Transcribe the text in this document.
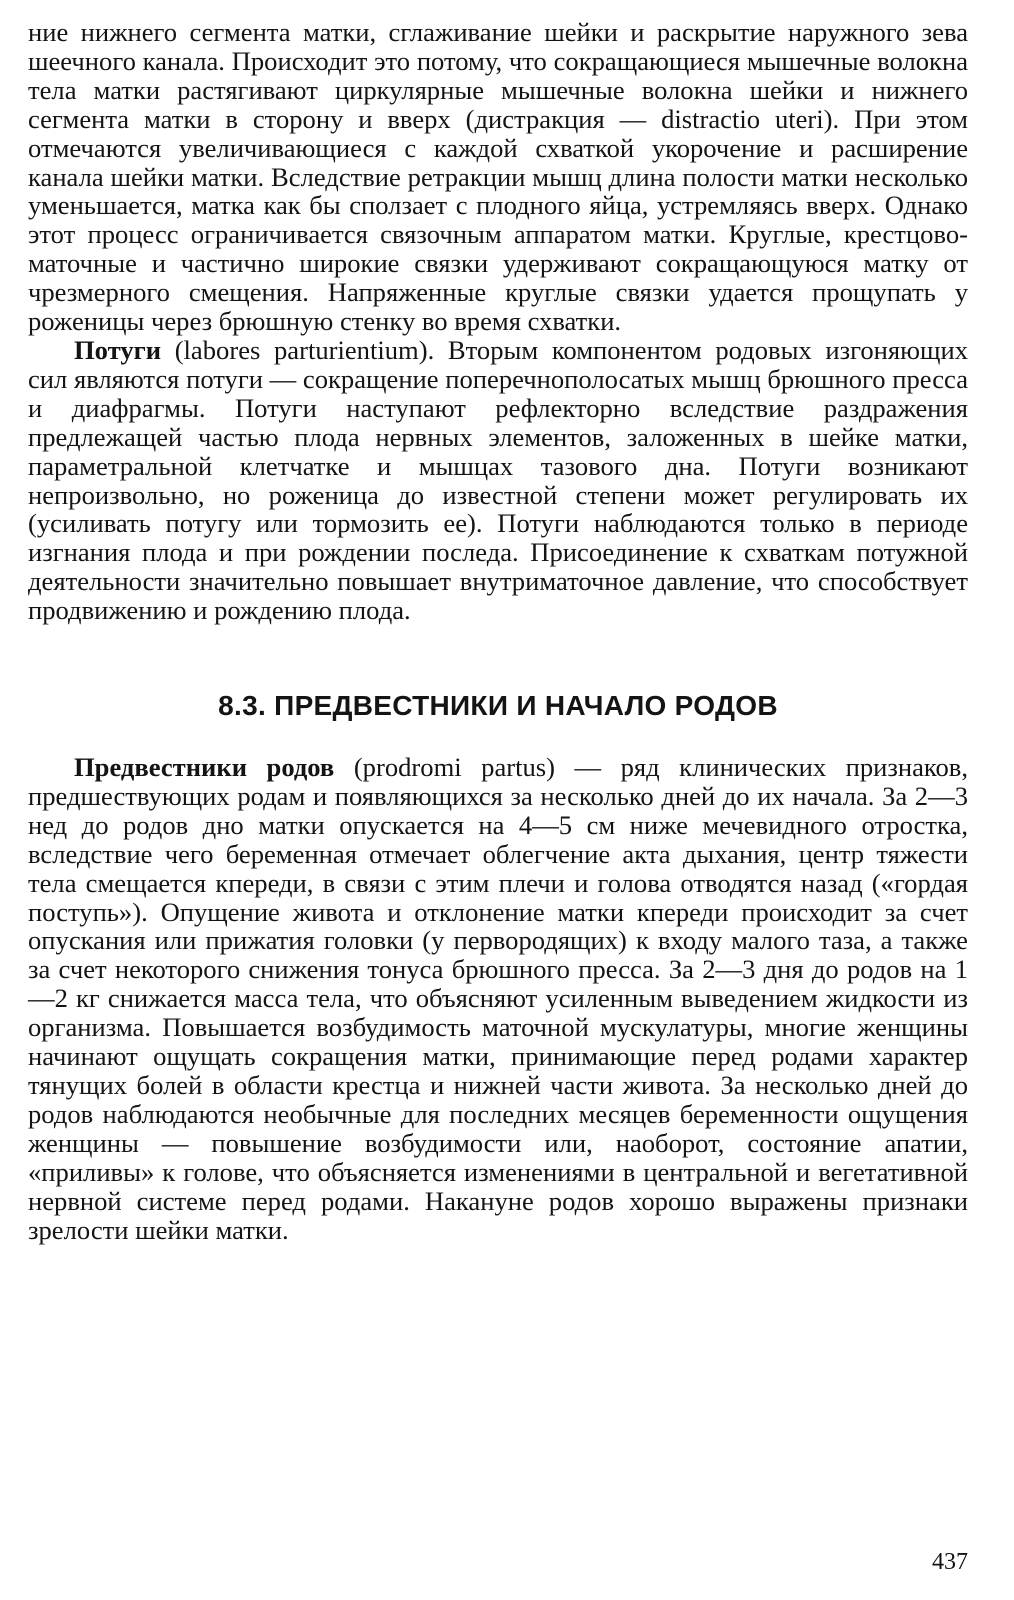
ние нижнего сегмента матки, сглаживание шейки и раскрытие наружного зева шеечного канала. Происходит это потому, что сокращающиеся мышечные волокна тела матки растягивают циркулярные мышечные волокна шейки и нижнего сегмента матки в сторону и вверх (дистракция — distractio uteri). При этом отмечаются увеличивающиеся с каждой схваткой укорочение и расширение канала шейки матки. Вследствие ретракции мышц длина полости матки несколько уменьшается, матка как бы сползает с плодного яйца, устремляясь вверх. Однако этот процесс ограничивается связочным аппаратом матки. Круглые, крестцово-маточные и частично широкие связки удерживают сокращающуюся матку от чрезмерного смещения. Напряженные круглые связки удается прощупать у роженицы через брюшную стенку во время схватки.

Потуги (labores parturientium). Вторым компонентом родовых изгоняющих сил являются потуги — сокращение поперечнополосатых мышц брюшного пресса и диафрагмы. Потуги наступают рефлекторно вследствие раздражения предлежащей частью плода нервных элементов, заложенных в шейке матки, параметральной клетчатке и мышцах тазового дна. Потуги возникают непроизвольно, но роженица до известной степени может регулировать их (усиливать потугу или тормозить ее). Потуги наблюдаются только в периоде изгнания плода и при рождении последа. Присоединение к схваткам потужной деятельности значительно повышает внутриматочное давление, что способствует продвижению и рождению плода.

8.3. ПРЕДВЕСТНИКИ И НАЧАЛО РОДОВ

Предвестники родов (prodromi partus) — ряд клинических признаков, предшествующих родам и появляющихся за несколько дней до их начала. За 2—3 нед до родов дно матки опускается на 4—5 см ниже мечевидного отростка, вследствие чего беременная отмечает облегчение акта дыхания, центр тяжести тела смещается кпереди, в связи с этим плечи и голова отводятся назад («гордая поступь»). Опущение живота и отклонение матки кпереди происходит за счет опускания или прижатия головки (у первородящих) к входу малого таза, а также за счет некоторого снижения тонуса брюшного пресса. За 2—3 дня до родов на 1—2 кг снижается масса тела, что объясняют усиленным выведением жидкости из организма. Повышается возбудимость маточной мускулатуры, многие женщины начинают ощущать сокращения матки, принимающие перед родами характер тянущих болей в области крестца и нижней части живота. За несколько дней до родов наблюдаются необычные для последних месяцев беременности ощущения женщины — повышение возбудимости или, наоборот, состояние апатии, «приливы» к голове, что объясняется изменениями в центральной и вегетативной нервной системе перед родами. Накануне родов хорошо выражены признаки зрелости шейки матки.

437
